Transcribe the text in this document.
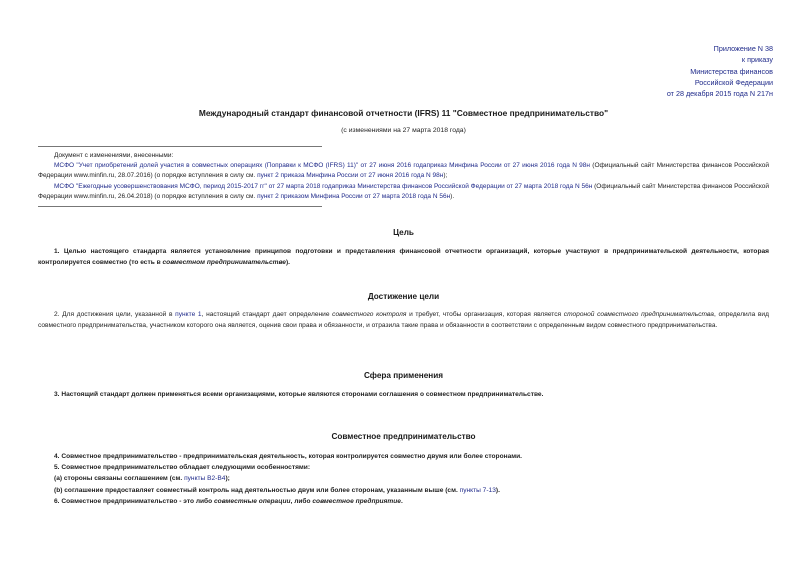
Приложение N 38
к приказу
Министерства финансов
Российской Федерации
от 28 декабря 2015 года N 217н
Международный стандарт финансовой отчетности (IFRS) 11 "Совместное предпринимательство"
(с изменениями на 27 марта 2018 года)
Документ с изменениями, внесенными:

МСФО "Учет приобретений долей участия в совместных операциях (Поправки к МСФО (IFRS) 11)" от 27 июня 2016 годаприказ Минфина России от 27 июня 2016 года N 98н (Официальный сайт Министерства финансов Российской Федерации www.minfin.ru, 28.07.2016) (о порядке вступления в силу см. пункт 2 приказа Минфина России от 27 июня 2016 года N 98н);

МСФО "Ежегодные усовершенствования МСФО, период 2015-2017 гг" от 27 марта 2018 годаприказ Министерства финансов Российской Федерации от 27 марта 2018 года N 56н (Официальный сайт Министерства финансов Российской Федерации www.minfin.ru, 26.04.2018) (о порядке вступления в силу см. пункт 2 приказом Минфина России от 27 марта 2018 года N 56н).

Цель

1. Целью настоящего стандарта является установление принципов подготовки и представления финансовой отчетности организаций, которые участвуют в предпринимательской деятельности, которая контролируется совместно (то есть в совместном предпринимательстве).

Достижение цели

2. Для достижения цели, указанной в пункте 1, настоящий стандарт дает определение совместного контроля и требует, чтобы организация, которая является стороной совместного предпринимательства, определила вид совместного предпринимательства, участником которого она является, оценив свои права и обязанности, и отразила такие права и обязанности в соответствии с определенным видом совместного предпринимательства.

Сфера применения

3. Настоящий стандарт должен применяться всеми организациями, которые являются сторонами соглашения о совместном предпринимательстве.

Совместное предпринимательство

4. Совместное предпринимательство - предпринимательская деятельность, которая контролируется совместно двумя или более сторонами.

5. Совместное предпринимательство обладает следующими особенностями:

(a) стороны связаны соглашением (см. пункты B2-B4);

(b) соглашение предоставляет совместный контроль над деятельностью двум или более сторонам, указанным выше (см. пункты 7-13).

6. Совместное предпринимательство - это либо совместные операции, либо совместное предприятие.
